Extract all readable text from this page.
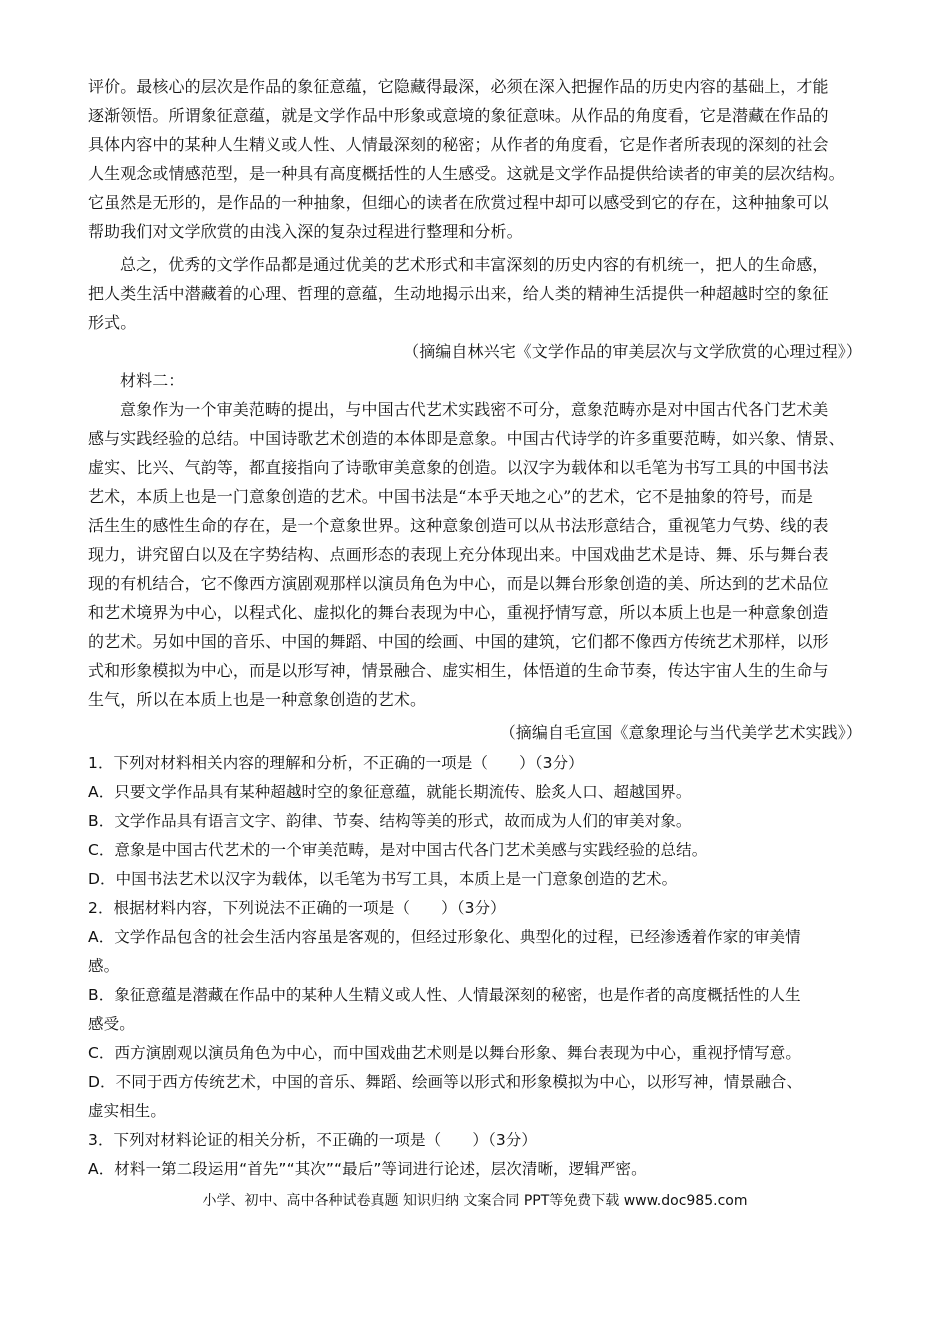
评价。最核心的层次是作品的象征意蕴，它隐藏得最深，必须在深入把握作品的历史内容的基础上，才能
逐渐领悟。所谓象征意蕴，就是文学作品中形象或意境的象征意味。从作品的角度看，它是潜藏在作品的
具体内容中的某种人生精义或人性、人情最深刻的秘密；从作者的角度看，它是作者所表现的深刻的社会
人生观念或情感范型，是一种具有高度概括性的人生感受。这就是文学作品提供给读者的审美的层次结构。
它虽然是无形的，是作品的一种抽象，但细心的读者在欣赏过程中却可以感受到它的存在，这种抽象可以
帮助我们对文学欣赏的由浅入深的复杂过程进行整理和分析。
总之，优秀的文学作品都是通过优美的艺术形式和丰富深刻的历史内容的有机统一，把人的生命感，
把人类生活中潜藏着的心理、哲理的意蕴，生动地揭示出来，给人类的精神生活提供一种超越时空的象征
形式。
（摘编自林兴宅《文学作品的审美层次与文学欣赏的心理过程》）
材料二：
意象作为一个审美范畴的提出，与中国古代艺术实践密不可分，意象范畴亦是对中国古代各门艺术美
感与实践经验的总结。中国诗歌艺术创造的本体即是意象。中国古代诗学的许多重要范畴，如兴象、情景、
虚实、比兴、气韵等，都直接指向了诗歌审美意象的创造。以汉字为载体和以毛笔为书写工具的中国书法
艺术，本质上也是一门意象创造的艺术。中国书法是“本乎天地之心”的艺术，它不是抽象的符号，而是
活生生的感性生命的存在，是一个意象世界。这种意象创造可以从书法形意结合，重视笔力气势、线的表
现力，讲究留白以及在字势结构、点画形态的表现上充分体现出来。中国戏曲艺术是诗、舞、乐与舞台表
现的有机结合，它不像西方演剧观那样以演员角色为中心，而是以舞台形象创造的美、所达到的艺术品位
和艺术境界为中心，以程式化、虚拟化的舞台表现为中心，重视抒情写意，所以本质上也是一种意象创造
的艺术。另如中国的音乐、中国的舞蹈、中国的绘画、中国的建筑，它们都不像西方传统艺术那样，以形
式和形象模拟为中心，而是以形写神，情景融合、虚实相生，体悟道的生命节奏，传达宇宙人生的生命与
生气，所以在本质上也是一种意象创造的艺术。
（摘编自毛宣国《意象理论与当代美学艺术实践》）
1．下列对材料相关内容的理解和分析，不正确的一项是（　　）（3分）
A．只要文学作品具有某种超越时空的象征意蕴，就能长期流传、脍炙人口、超越国界。
B．文学作品具有语言文字、韵律、节奏、结构等美的形式，故而成为人们的审美对象。
C．意象是中国古代艺术的一个审美范畴，是对中国古代各门艺术美感与实践经验的总结。
D．中国书法艺术以汉字为载体，以毛笔为书写工具，本质上是一门意象创造的艺术。
2．根据材料内容，下列说法不正确的一项是（　　）（3分）
A．文学作品包含的社会生活内容虽是客观的，但经过形象化、典型化的过程，已经渗透着作家的审美情
感。
B．象征意蕴是潜藏在作品中的某种人生精义或人性、人情最深刻的秘密，也是作者的高度概括性的人生
感受。
C．西方演剧观以演员角色为中心，而中国戏曲艺术则是以舞台形象、舞台表现为中心，重视抒情写意。
D．不同于西方传统艺术，中国的音乐、舞蹈、绘画等以形式和形象模拟为中心，以形写神，情景融合、
虚实相生。
3．下列对材料论证的相关分析，不正确的一项是（　　）（3分）
A．材料一第二段运用“首先”“其次”“最后”等词进行论述，层次清晰，逻辑严密。
小学、初中、高中各种试卷真题 知识归纳 文案合同 PPT等免费下载 www.doc985.com
